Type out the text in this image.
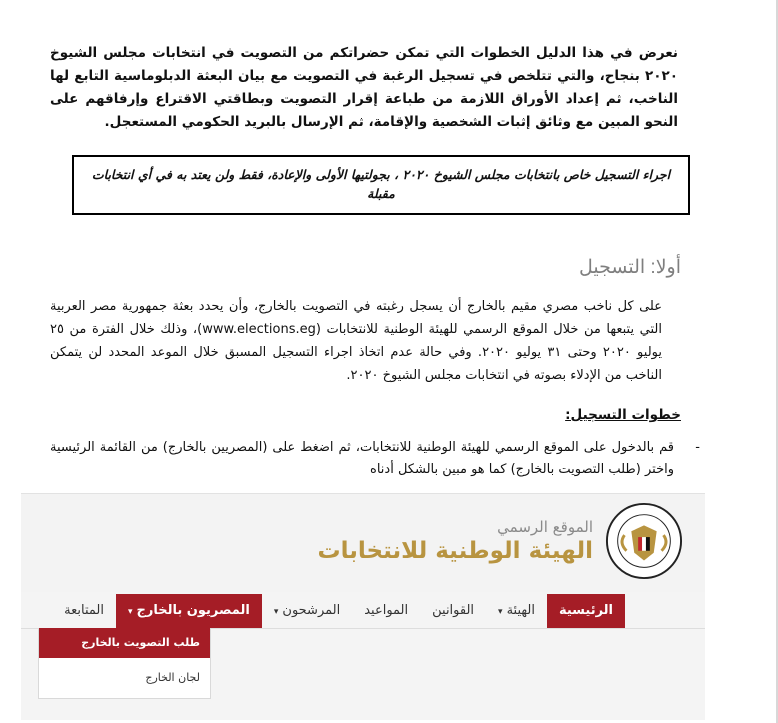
نعرض في هذا الدليل الخطوات التي تمكن حضراتكم من التصويت في انتخابات مجلس الشيوخ ٢٠٢٠ بنجاح، والتي تتلخص في تسجيل الرغبة في التصويت مع بيان البعثة الدبلوماسية التابع لها الناخب، ثم إعداد الأوراق اللازمة من طباعة إقرار التصويت وبطاقتي الاقتراع وإرفاقهم على النحو المبين مع وثائق إثبات الشخصية والإقامة، ثم الإرسال بالبريد الحكومي المستعجل.

اجراء التسجيل خاص بانتخابات مجلس الشيوخ ٢٠٢٠ ، بجولتيها الأولى والإعادة، فقط ولن يعتد به في أي انتخابات مقبلة
أولا: التسجيل

على كل ناخب مصري مقيم بالخارج أن يسجل رغبته في التصويت بالخارج، وأن يحدد بعثة جمهورية مصر العربية التي يتبعها من خلال الموقع الرسمي للهيئة الوطنية للانتخابات (www.elections.eg)، وذلك خلال الفترة من ٢٥ يوليو ٢٠٢٠ وحتى ٣١ يوليو ٢٠٢٠. وفي حالة عدم اتخاذ اجراء التسجيل المسبق خلال الموعد المحدد لن يتمكن الناخب من الإدلاء بصوته في انتخابات مجلس الشيوخ ٢٠٢٠.

خطوات التسجيل:

-
قم بالدخول على الموقع الرسمي للهيئة الوطنية للانتخابات، ثم اضغط على (المصريين بالخارج) من القائمة الرئيسية واختر (طلب التصويت بالخارج) كما هو مبين بالشكل أدناه
الموقع الرسمي
الهيئة الوطنية للانتخابات
الرئيسية
الهيئة▾
القوانين
المواعيد
المرشحون▾
المصريون بالخارج▾
المتابعة
طلب التصويت بالخارج
لجان الخارج
